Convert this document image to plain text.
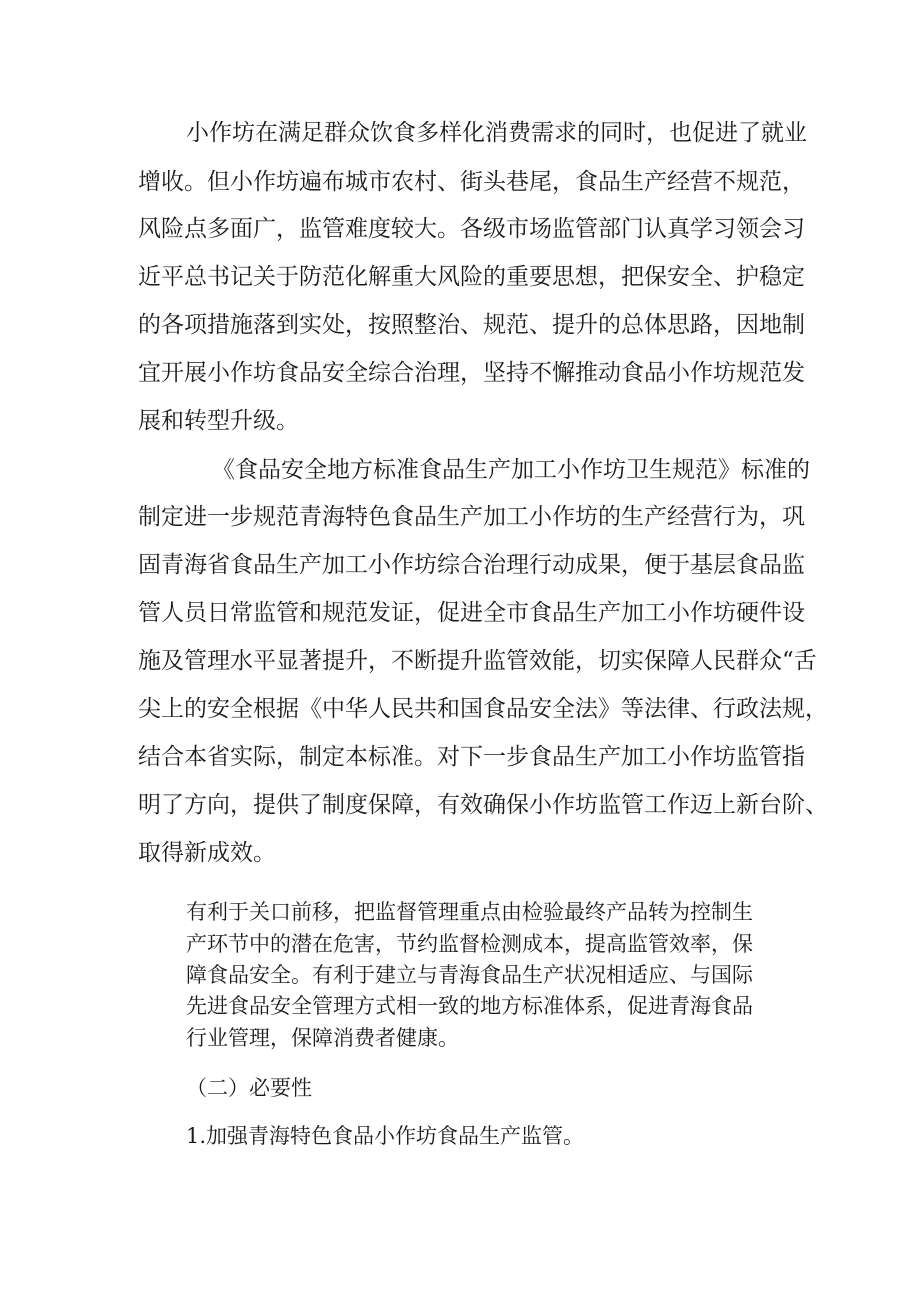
小作坊在满足群众饮食多样化消费需求的同时，也促进了就业
增收。但小作坊遍布城市农村、街头巷尾，食品生产经营不规范，
风险点多面广，监管难度较大。各级市场监管部门认真学习领会习
近平总书记关于防范化解重大风险的重要思想，把保安全、护稳定
的各项措施落到实处，按照整治、规范、提升的总体思路，因地制
宜开展小作坊食品安全综合治理，坚持不懈推动食品小作坊规范发
展和转型升级。
《食品安全地方标准食品生产加工小作坊卫生规范》标准的
制定进一步规范青海特色食品生产加工小作坊的生产经营行为，巩
固青海省食品生产加工小作坊综合治理行动成果，便于基层食品监
管人员日常监管和规范发证，促进全市食品生产加工小作坊硬件设
施及管理水平显著提升，不断提升监管效能，切实保障人民群众“舌
尖上的安全根据《中华人民共和国食品安全法》等法律、行政法规，
结合本省实际，制定本标准。对下一步食品生产加工小作坊监管指
明了方向，提供了制度保障，有效确保小作坊监管工作迈上新台阶、
取得新成效。
有利于关口前移，把监督管理重点由检验最终产品转为控制生
产环节中的潜在危害，节约监督检测成本，提高监管效率，保
障食品安全。有利于建立与青海食品生产状况相适应、与国际
先进食品安全管理方式相一致的地方标准体系，促进青海食品
行业管理，保障消费者健康。
（二）必要性
1.加强青海特色食品小作坊食品生产监管。
